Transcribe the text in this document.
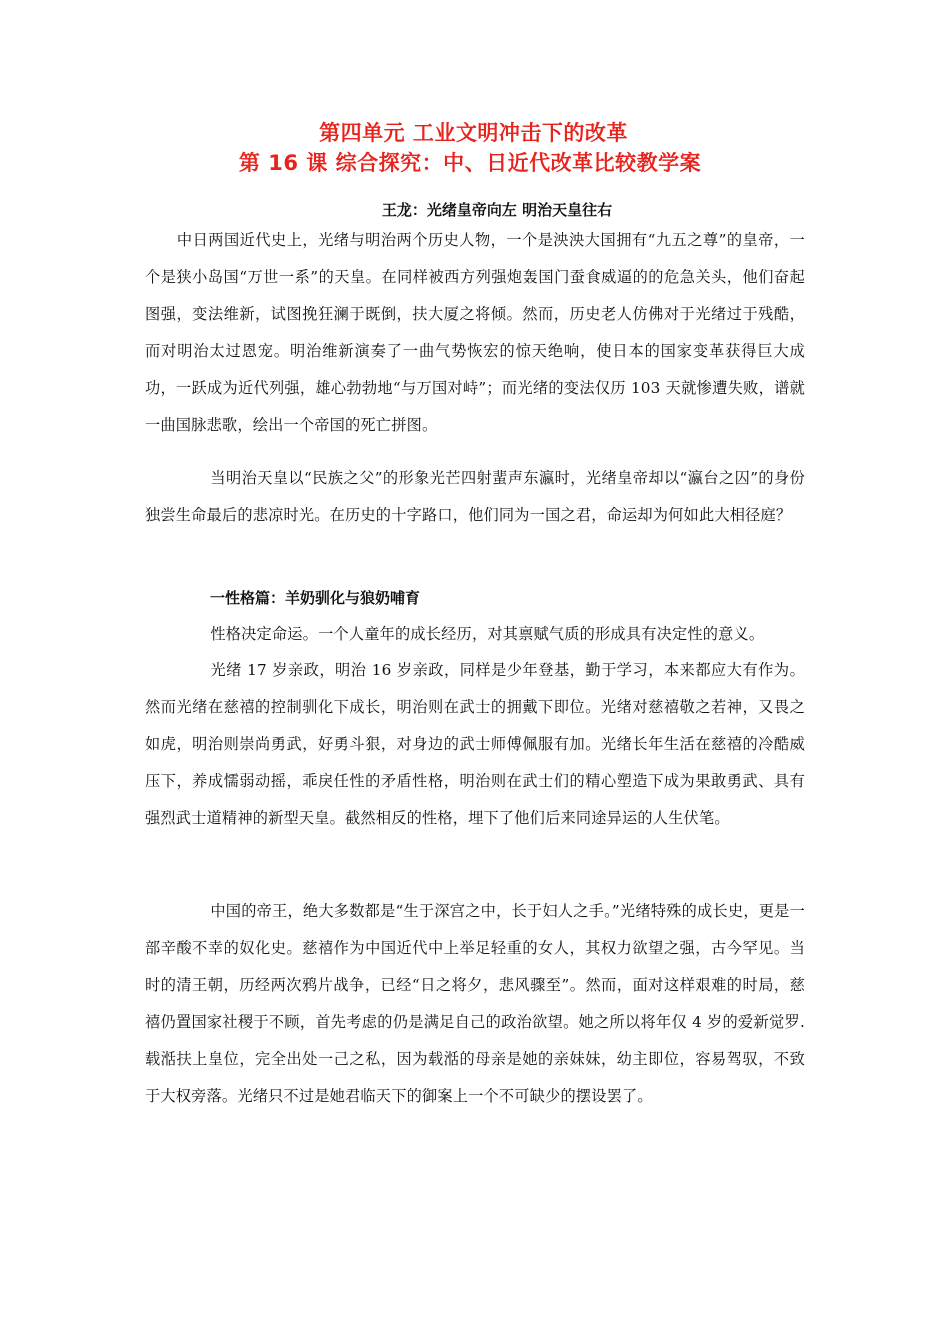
第四单元 工业文明冲击下的改革

第 16 课 综合探究：中、日近代改革比较教学案

王龙：光绪皇帝向左 明治天皇往右

中日两国近代史上，光绪与明治两个历史人物，一个是泱泱大国拥有“九五之尊”的皇帝，一个是狭小岛国“万世一系”的天皇。在同样被西方列强炮轰国门蚕食威逼的的危急关头，他们奋起图强，变法维新，试图挽狂澜于既倒，扶大厦之将倾。然而，历史老人仿佛对于光绪过于残酷，而对明治太过恩宠。明治维新演奏了一曲气势恢宏的惊天绝响，使日本的国家变革获得巨大成功，一跃成为近代列强，雄心勃勃地“与万国对峙”；而光绪的变法仅历 103 天就惨遭失败，谱就一曲国脉悲歌，绘出一个帝国的死亡拼图。

当明治天皇以“民族之父”的形象光芒四射蜚声东瀛时，光绪皇帝却以“瀛台之囚”的身份独尝生命最后的悲凉时光。在历史的十字路口，他们同为一国之君，命运却为何如此大相径庭？

一性格篇：羊奶驯化与狼奶哺育

性格决定命运。一个人童年的成长经历，对其禀赋气质的形成具有决定性的意义。

光绪 17 岁亲政，明治 16 岁亲政，同样是少年登基，勤于学习，本来都应大有作为。然而光绪在慈禧的控制驯化下成长，明治则在武士的拥戴下即位。光绪对慈禧敬之若神，又畏之如虎，明治则崇尚勇武，好勇斗狠，对身边的武士师傅佩服有加。光绪长年生活在慈禧的冷酷威压下，养成懦弱动摇，乖戾任性的矛盾性格，明治则在武士们的精心塑造下成为果敢勇武、具有强烈武士道精神的新型天皇。截然相反的性格，埋下了他们后来同途异运的人生伏笔。

中国的帝王，绝大多数都是“生于深宫之中，长于妇人之手。”光绪特殊的成长史，更是一部辛酸不幸的奴化史。慈禧作为中国近代中上举足轻重的女人，其权力欲望之强，古今罕见。当时的清王朝，历经两次鸦片战争，已经“日之将夕，悲风骤至”。然而，面对这样艰难的时局，慈禧仍置国家社稷于不顾，首先考虑的仍是满足自己的政治欲望。她之所以将年仅 4 岁的爱新觉罗.载湉扶上皇位，完全出处一己之私，因为载湉的母亲是她的亲妹妹，幼主即位，容易驾驭，不致于大权旁落。光绪只不过是她君临天下的御案上一个不可缺少的摆设罢了。
